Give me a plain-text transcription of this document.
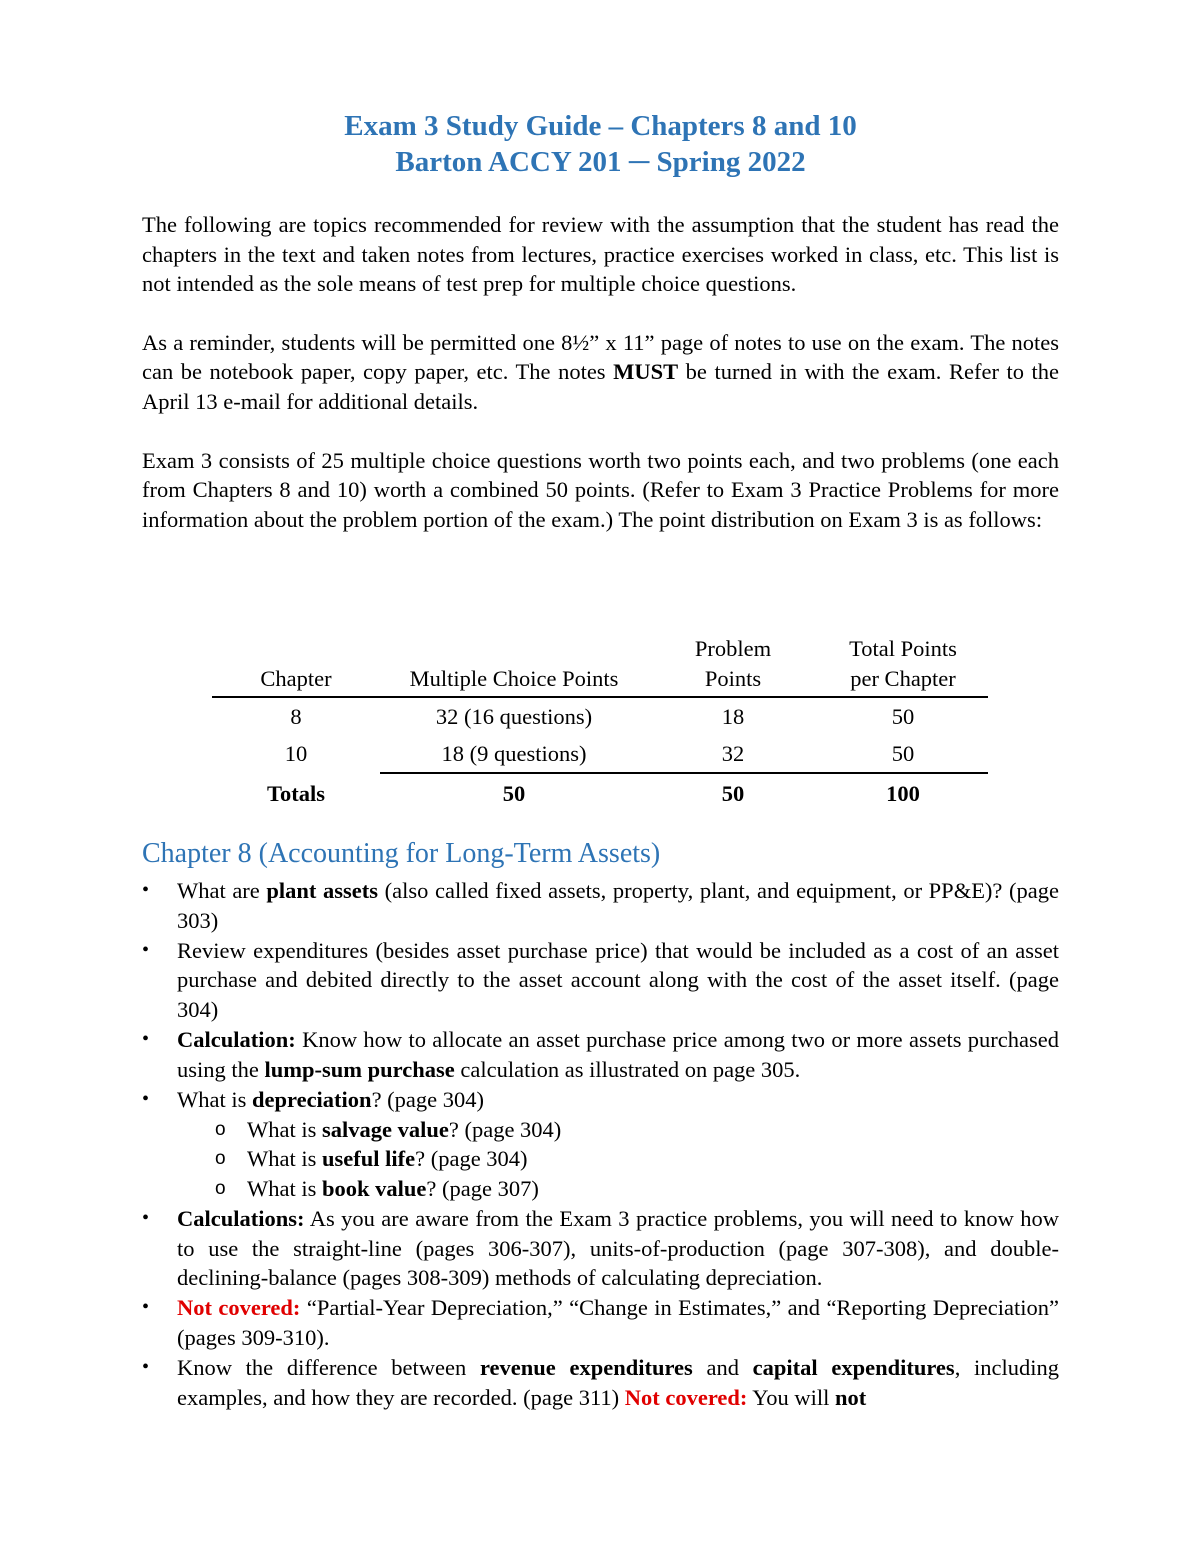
Exam 3 Study Guide – Chapters 8 and 10
Barton ACCY 201 ─ Spring 2022

The following are topics recommended for review with the assumption that the student has read the chapters in the text and taken notes from lectures, practice exercises worked in class, etc. This list is not intended as the sole means of test prep for multiple choice questions.

As a reminder, students will be permitted one 8½” x 11” page of notes to use on the exam. The notes can be notebook paper, copy paper, etc. The notes MUST be turned in with the exam. Refer to the April 13 e-mail for additional details.

Exam 3 consists of 25 multiple choice questions worth two points each, and two problems (one each from Chapters 8 and 10) worth a combined 50 points. (Refer to Exam 3 Practice Problems for more information about the problem portion of the exam.) The point distribution on Exam 3 is as follows:

Chapter	Multiple Choice Points	Problem Points	Total Points per Chapter
8	32 (16 questions)	18	50
10	18 (9 questions)	32	50
Totals	50	50	100
Chapter 8 (Accounting for Long-Term Assets)
• What are plant assets (also called fixed assets, property, plant, and equipment, or PP&E)? (page 303)
• Review expenditures (besides asset purchase price) that would be included as a cost of an asset purchase and debited directly to the asset account along with the cost of the asset itself. (page 304)
• Calculation: Know how to allocate an asset purchase price among two or more assets purchased using the lump-sum purchase calculation as illustrated on page 305.
• What is depreciation? (page 304)
o What is salvage value? (page 304)
o What is useful life? (page 304)
o What is book value? (page 307)
• Calculations: As you are aware from the Exam 3 practice problems, you will need to know how to use the straight-line (pages 306-307), units-of-production (page 307-308), and double-declining-balance (pages 308-309) methods of calculating depreciation.
• Not covered: “Partial-Year Depreciation,” “Change in Estimates,” and “Reporting Depreciation” (pages 309-310).
• Know the difference between revenue expenditures and capital expenditures, including examples, and how they are recorded. (page 311) Not covered: You will not
